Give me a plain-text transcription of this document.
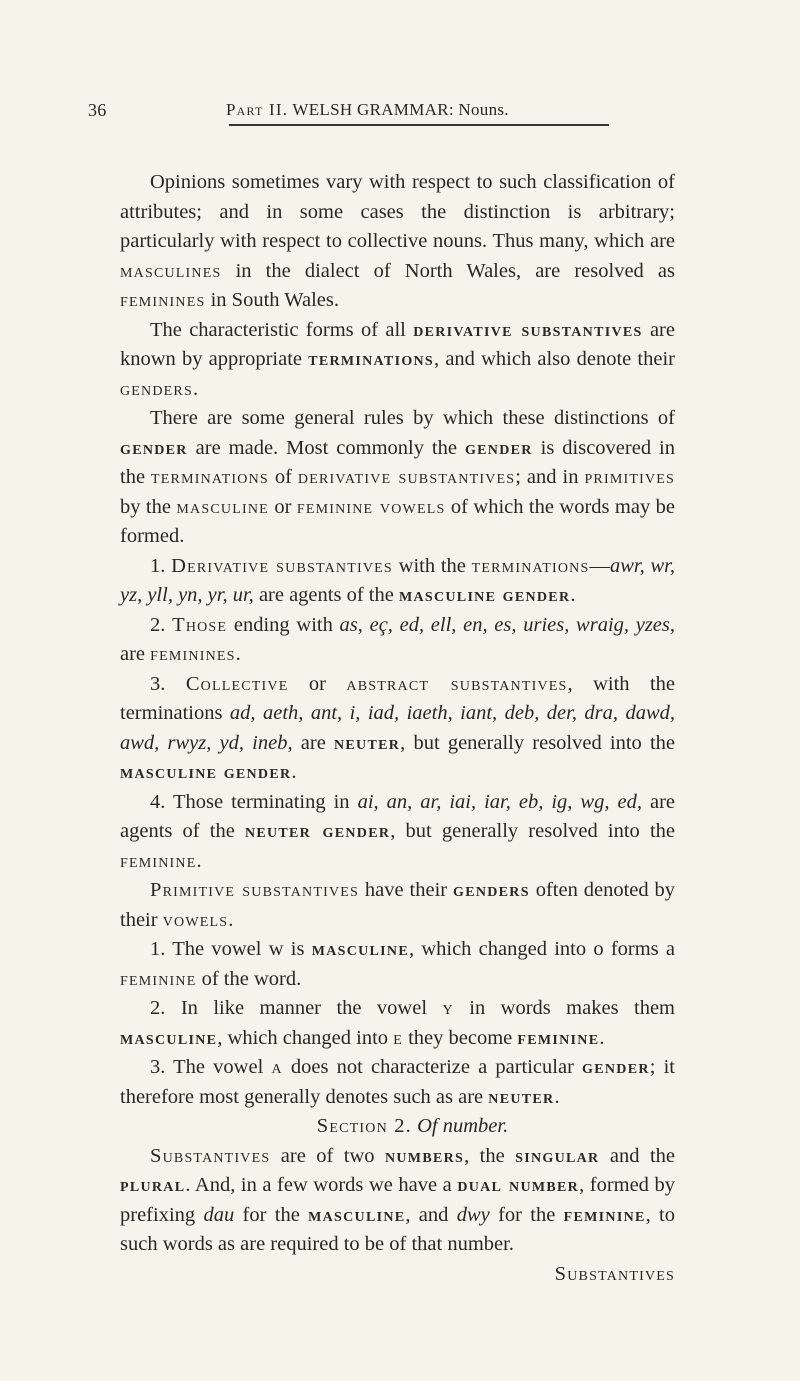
36	Part II. WELSH GRAMMAR: Nouns.

Opinions sometimes vary with respect to such classification of attributes; and in some cases the distinction is arbitrary; particularly with respect to collective nouns. Thus many, which are masculines in the dialect of North Wales, are resolved as feminines in South Wales.

The characteristic forms of all derivative substantives are known by appropriate terminations, and which also denote their genders.

There are some general rules by which these distinctions of gender are made. Most commonly the gender is discovered in the terminations of derivative substantives; and in primitives by the masculine or feminine vowels of which the words may be formed.

1. Derivative substantives with the terminations—awr, wr, yz, yll, yn, yr, ur, are agents of the masculine gender.

2. Those ending with as, eç, ed, ell, en, es, uries, wraig, yzes, are feminines.

3. Collective or abstract substantives, with the terminations ad, aeth, ant, i, iad, iaeth, iant, deb, der, dra, dawd, awd, rwyz, yd, ineb, are neuter, but generally resolved into the masculine gender.

4. Those terminating in ai, an, ar, iai, iar, eb, ig, wg, ed, are agents of the neuter gender, but generally resolved into the feminine.

Primitive substantives have their genders often denoted by their vowels.

1. The vowel w is masculine, which changed into o forms a feminine of the word.

2. In like manner the vowel y in words makes them masculine, which changed into e they become feminine.

3. The vowel a does not characterize a particular gender; it therefore most generally denotes such as are neuter.

Section 2. Of number.

Substantives are of two numbers, the singular and the plural. And, in a few words we have a dual number, formed by prefixing dau for the masculine, and dwy for the feminine, to such words as are required to be of that number.

Substantives
